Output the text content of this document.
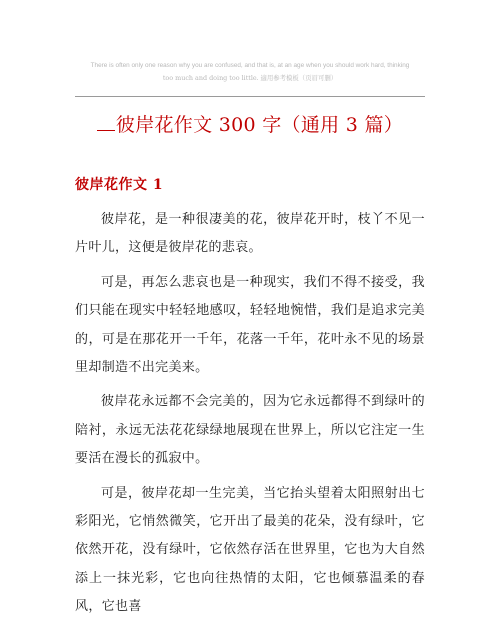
There is often only one reason why you are confused, and that is, at an age when you should work hard, thinking
too much and doing too little. 適用参考模板（页眉可删）
彼岸花作文 300 字（通用 3 篇）
彼岸花作文 1

彼岸花，是一种很凄美的花，彼岸花开时，枝丫不见一片叶儿，这便是彼岸花的悲哀。

可是，再怎么悲哀也是一种现实，我们不得不接受，我们只能在现实中轻轻地感叹，轻轻地惋惜，我们是追求完美的，可是在那花开一千年，花落一千年，花叶永不见的场景里却制造不出完美来。

彼岸花永远都不会完美的，因为它永远都得不到绿叶的陪衬，永远无法花花绿绿地展现在世界上，所以它注定一生要活在漫长的孤寂中。

可是，彼岸花却一生完美，当它抬头望着太阳照射出七彩阳光，它悄然微笑，它开出了最美的花朵，没有绿叶，它依然开花，没有绿叶，它依然存活在世界里，它也为大自然添上一抹光彩，它也向往热情的太阳，它也倾慕温柔的春风，它也喜
